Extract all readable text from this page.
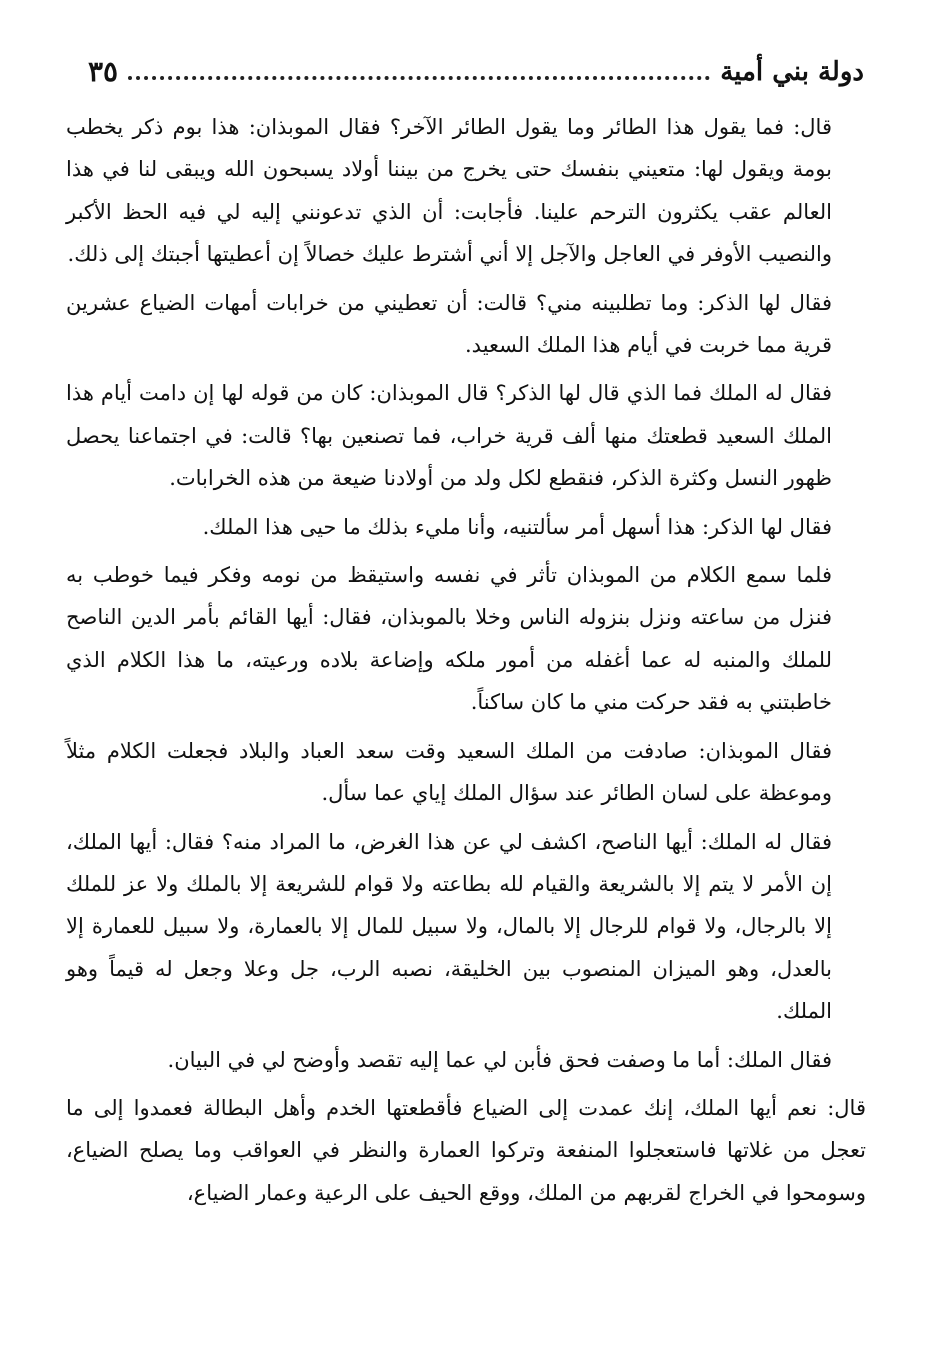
دولة بني أمية
٣٥

قال: فما يقول هذا الطائر وما يقول الطائر الآخر؟ فقال الموبذان: هذا بوم ذكر يخطب بومة ويقول لها: متعيني بنفسك حتى يخرج من بيننا أولاد يسبحون الله ويبقى لنا في هذا العالم عقب يكثرون الترحم علينا. فأجابت: أن الذي تدعونني إليه لي فيه الحظ الأكبر والنصيب الأوفر في العاجل والآجل إلا أني أشترط عليك خصالاً إن أعطيتها أجبتك إلى ذلك.

فقال لها الذكر: وما تطلبينه مني؟ قالت: أن تعطيني من خرابات أمهات الضياع عشرين قرية مما خربت في أيام هذا الملك السعيد.

فقال له الملك فما الذي قال لها الذكر؟ قال الموبذان: كان من قوله لها إن دامت أيام هذا الملك السعيد قطعتك منها ألف قرية خراب، فما تصنعين بها؟ قالت: في اجتماعنا يحصل ظهور النسل وكثرة الذكر، فنقطع لكل ولد من أولادنا ضيعة من هذه الخرابات.

فقال لها الذكر: هذا أسهل أمر سألتنيه، وأنا مليء بذلك ما حيى هذا الملك.

فلما سمع الكلام من الموبذان تأثر في نفسه واستيقظ من نومه وفكر فيما خوطب به فنزل من ساعته ونزل بنزوله الناس وخلا بالموبذان، فقال: أيها القائم بأمر الدين الناصح للملك والمنبه له عما أغفله من أمور ملكه وإضاعة بلاده ورعيته، ما هذا الكلام الذي خاطبتني به فقد حركت مني ما كان ساكناً.

فقال الموبذان: صادفت من الملك السعيد وقت سعد العباد والبلاد فجعلت الكلام مثلاً وموعظة على لسان الطائر عند سؤال الملك إياي عما سأل.

فقال له الملك: أيها الناصح، اكشف لي عن هذا الغرض، ما المراد منه؟ فقال: أيها الملك، إن الأمر لا يتم إلا بالشريعة والقيام لله بطاعته ولا قوام للشريعة إلا بالملك ولا عز للملك إلا بالرجال، ولا قوام للرجال إلا بالمال، ولا سبيل للمال إلا بالعمارة، ولا سبيل للعمارة إلا بالعدل، وهو الميزان المنصوب بين الخليقة، نصبه الرب، جل وعلا وجعل له قيماً وهو الملك.

فقال الملك: أما ما وصفت فحق فأبن لي عما إليه تقصد وأوضح لي في البيان.

قال: نعم أيها الملك، إنك عمدت إلى الضياع فأقطعتها الخدم وأهل البطالة فعمدوا إلى ما تعجل من غلاتها فاستعجلوا المنفعة وتركوا العمارة والنظر في العواقب وما يصلح الضياع، وسومحوا في الخراج لقربهم من الملك، ووقع الحيف على الرعية وعمار الضياع،
